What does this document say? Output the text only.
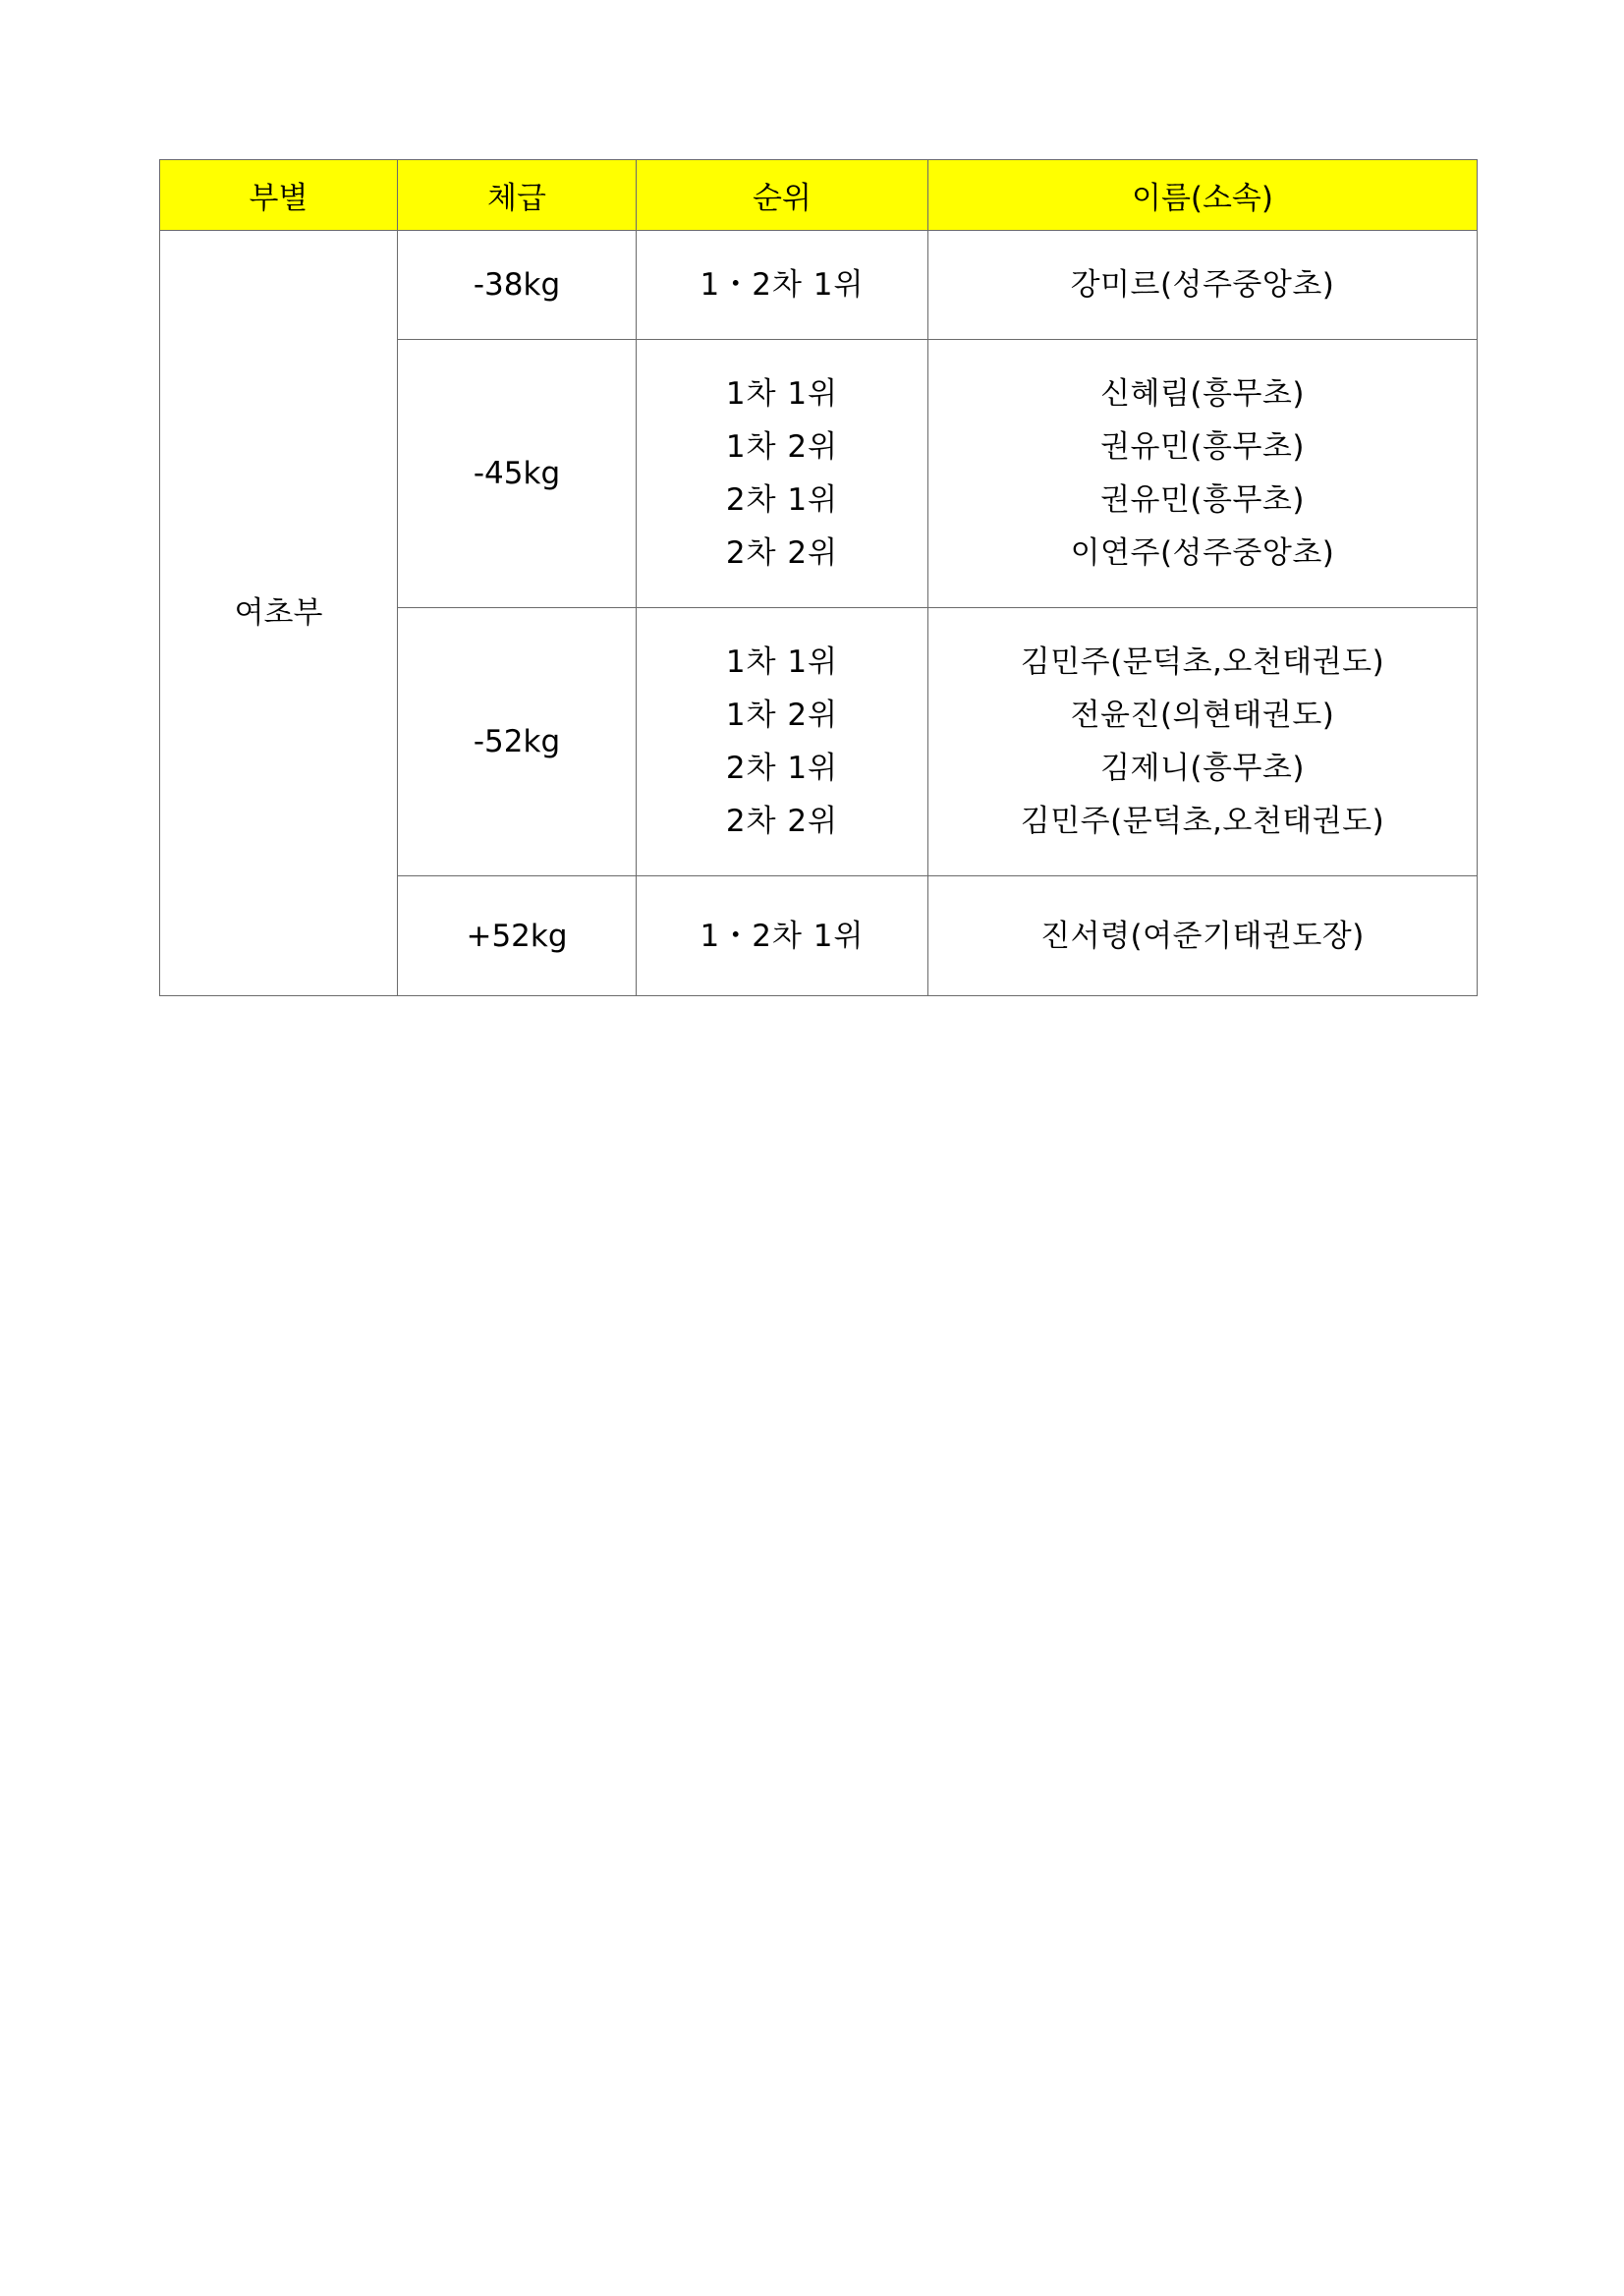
부별	체급	순위	이름(소속)

여초부	-38kg	1・2차 1위	강미르(성주중앙초)

	-45kg	1차 1위
1차 2위
2차 1위
2차 2위	신혜림(흥무초)
권유민(흥무초)
권유민(흥무초)
이연주(성주중앙초)

	-52kg	1차 1위
1차 2위
2차 1위
2차 2위	김민주(문덕초,오천태권도)
전윤진(의현태권도)
김제니(흥무초)
김민주(문덕초,오천태권도)

	+52kg	1・2차 1위	진서령(여준기태권도장)
